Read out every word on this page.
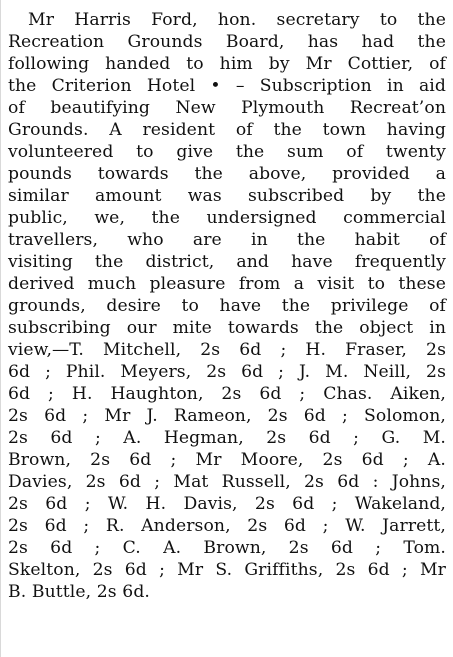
Mr Harris Ford, hon. secretary to the
Recreation Grounds Board, has had the
following handed to him by Mr Cottier, of
the Criterion Hotel • – Subscription in aid
of beautifying New Plymouth Recreat’on
Grounds. A resident of the town having
volunteered to give the sum of twenty
pounds towards the above, provided a
similar amount was subscribed by the
public, we, the undersigned commercial
travellers, who are in the habit of
visiting the district, and have frequently
derived much pleasure from a visit to these
grounds, desire to have the privilege of
subscribing our mite towards the object in
view,—T. Mitchell, 2s 6d ; H. Fraser, 2s
6d ; Phil. Meyers, 2s 6d ; J. M. Neill, 2s
6d ; H. Haughton, 2s 6d ; Chas. Aiken,
2s 6d ; Mr J. Rameon, 2s 6d ; Solomon,
2s 6d ; A. Hegman, 2s 6d ; G. M.
Brown, 2s 6d ; Mr Moore, 2s 6d ; A.
Davies, 2s 6d ; Mat Russell, 2s 6d : Johns,
2s 6d ; W. H. Davis, 2s 6d ; Wakeland,
2s 6d ; R. Anderson, 2s 6d ; W. Jarrett,
2s 6d ; C. A. Brown, 2s 6d ; Tom.
Skelton, 2s 6d ; Mr S. Griffiths, 2s 6d ; Mr
B. Buttle, 2s 6d.
